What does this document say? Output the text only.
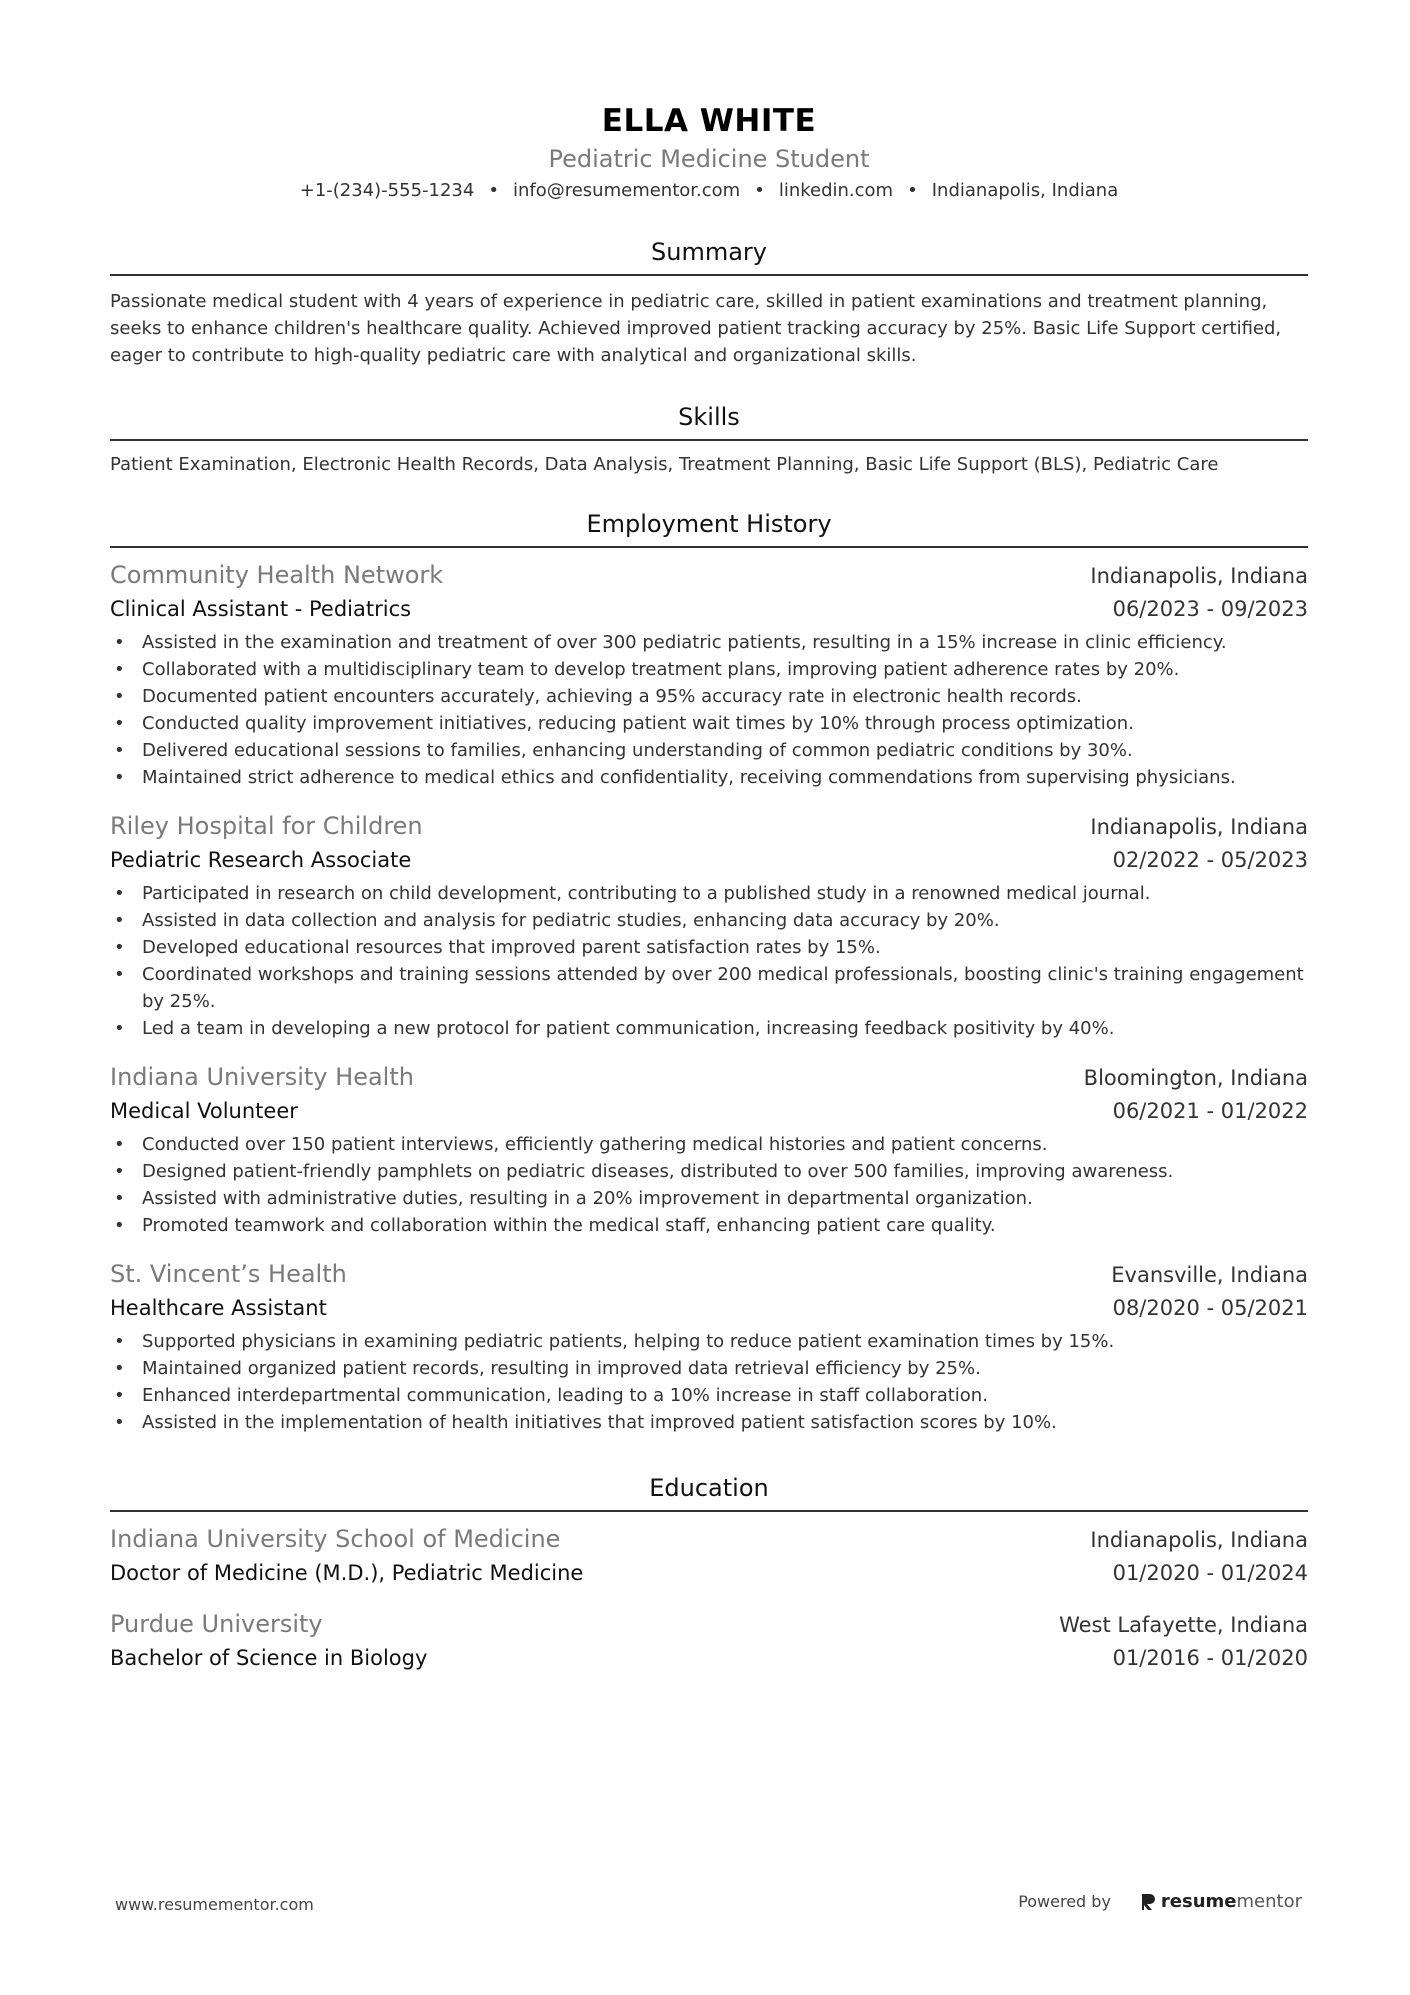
ELLA WHITE
Pediatric Medicine Student
+1-(234)-555-1234 • info@resumementor.com • linkedin.com • Indianapolis, Indiana
Summary
Passionate medical student with 4 years of experience in pediatric care, skilled in patient examinations and treatment planning, seeks to enhance children's healthcare quality. Achieved improved patient tracking accuracy by 25%. Basic Life Support certified, eager to contribute to high-quality pediatric care with analytical and organizational skills.
Skills
Patient Examination, Electronic Health Records, Data Analysis, Treatment Planning, Basic Life Support (BLS), Pediatric Care
Employment History
Community Health Network	Indianapolis, Indiana
Clinical Assistant - Pediatrics	06/2023 - 09/2023
• Assisted in the examination and treatment of over 300 pediatric patients, resulting in a 15% increase in clinic efficiency.
• Collaborated with a multidisciplinary team to develop treatment plans, improving patient adherence rates by 20%.
• Documented patient encounters accurately, achieving a 95% accuracy rate in electronic health records.
• Conducted quality improvement initiatives, reducing patient wait times by 10% through process optimization.
• Delivered educational sessions to families, enhancing understanding of common pediatric conditions by 30%.
• Maintained strict adherence to medical ethics and confidentiality, receiving commendations from supervising physicians.
Riley Hospital for Children	Indianapolis, Indiana
Pediatric Research Associate	02/2022 - 05/2023
• Participated in research on child development, contributing to a published study in a renowned medical journal.
• Assisted in data collection and analysis for pediatric studies, enhancing data accuracy by 20%.
• Developed educational resources that improved parent satisfaction rates by 15%.
• Coordinated workshops and training sessions attended by over 200 medical professionals, boosting clinic's training engagement by 25%.
• Led a team in developing a new protocol for patient communication, increasing feedback positivity by 40%.
Indiana University Health	Bloomington, Indiana
Medical Volunteer	06/2021 - 01/2022
• Conducted over 150 patient interviews, efficiently gathering medical histories and patient concerns.
• Designed patient-friendly pamphlets on pediatric diseases, distributed to over 500 families, improving awareness.
• Assisted with administrative duties, resulting in a 20% improvement in departmental organization.
• Promoted teamwork and collaboration within the medical staff, enhancing patient care quality.
St. Vincent’s Health	Evansville, Indiana
Healthcare Assistant	08/2020 - 05/2021
• Supported physicians in examining pediatric patients, helping to reduce patient examination times by 15%.
• Maintained organized patient records, resulting in improved data retrieval efficiency by 25%.
• Enhanced interdepartmental communication, leading to a 10% increase in staff collaboration.
• Assisted in the implementation of health initiatives that improved patient satisfaction scores by 10%.
Education
Indiana University School of Medicine	Indianapolis, Indiana
Doctor of Medicine (M.D.), Pediatric Medicine	01/2020 - 01/2024
Purdue University	West Lafayette, Indiana
Bachelor of Science in Biology	01/2016 - 01/2020
www.resumementor.com	Powered by	resume mentor
